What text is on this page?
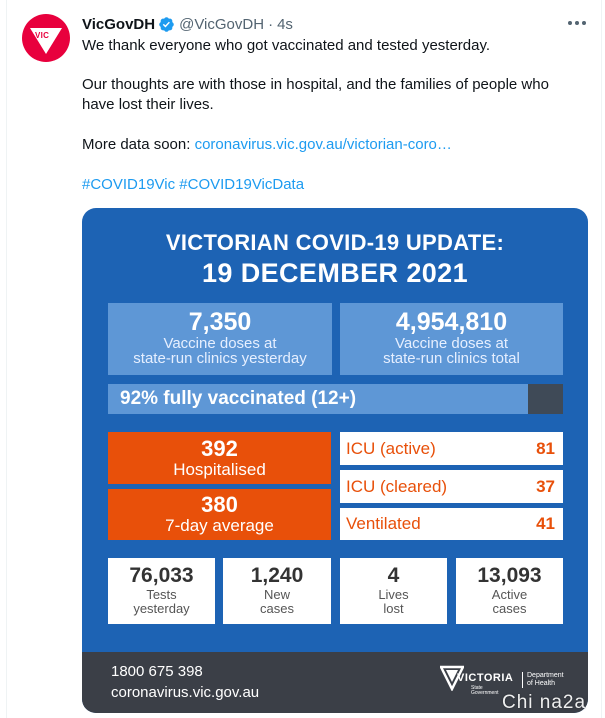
VIC
VicGovDH @VicGovDH · 4s
We thank everyone who got vaccinated and tested yesterday.
Our thoughts are with those in hospital, and the families of people who have lost their lives.
More data soon: coronavirus.vic.gov.au/victorian-coro…
#COVID19Vic #COVID19VicData
VICTORIAN COVID-19 UPDATE:
19 DECEMBER 2021
7,350
Vaccine doses at
state-run clinics yesterday
4,954,810
Vaccine doses at
state-run clinics total
92% fully vaccinated (12+)
392
Hospitalised
380
7-day average
ICU (active)	81
ICU (cleared)	37
Ventilated	41
76,033
Tests
yesterday
1,240
New
cases
4
Lives
lost
13,093
Active
cases
1800 675 398
coronavirus.vic.gov.au
VICTORIA
State
Government
Department
of Health
Chi na2a
